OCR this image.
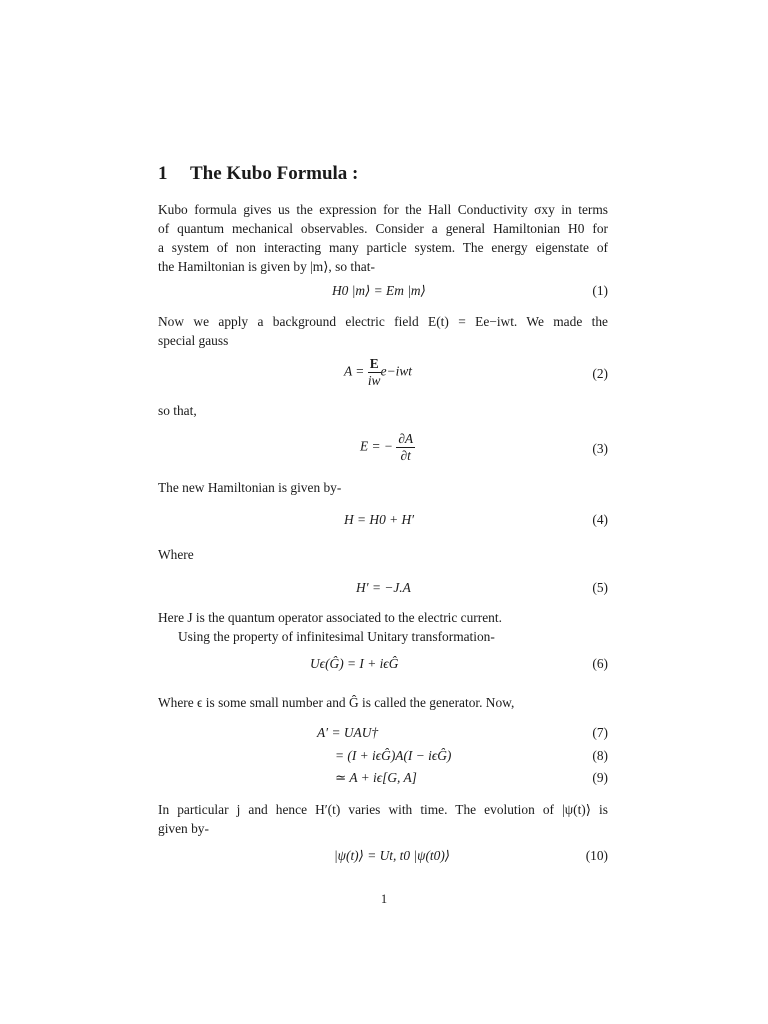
1 The Kubo Formula :
Kubo formula gives us the expression for the Hall Conductivity σxy in terms
of quantum mechanical observables. Consider a general Hamiltonian H0 for
a system of non interacting many particle system. The energy eigenstate of
the Hamiltonian is given by |m⟩, so that-
H0 |m⟩ = Em |m⟩	(1)
Now we apply a background electric field E(t) = Ee−iwt. We made the
special gauss
$A = \frac{E}{iw} e-iwt$	(2)
so that,
E = − $\frac{\partial A}{\partial t}$	(3)
The new Hamiltonian is given by-
H = H0 + H′	(4)
Where
H′ = −J.A	(5)
Here J is the quantum operator associated to the electric current.
Using the property of infinitesimal Unitary transformation-
Uϵ(Ĝ) = I + iϵĜ	(6)
Where ϵ is some small number and Ĝ is called the generator. Now,
A′ = UAU†	(7)
= (I + iϵĜ)A(I − iϵĜ)	(8)
≃ A + iϵ[G, A]	(9)
In particular j and hence H′(t) varies with time. The evolution of |ψ(t)⟩ is
given by-
|ψ(t)⟩ = Ut, t0 |ψ(t0)⟩	(10)
1
